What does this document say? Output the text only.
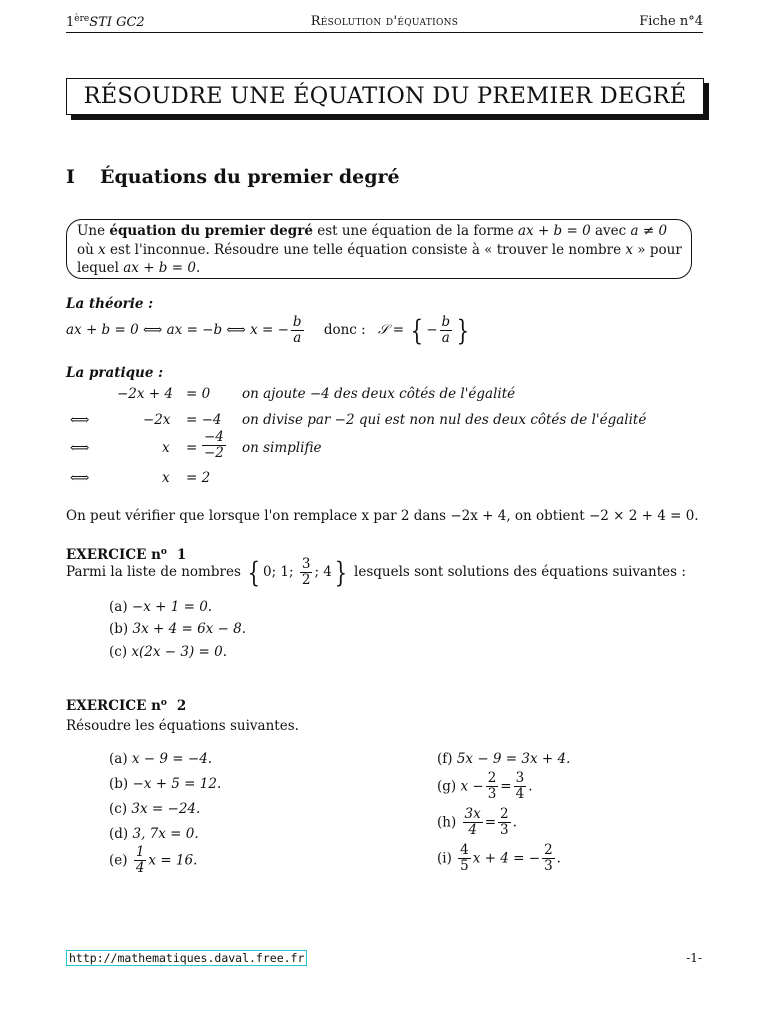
1èreSTI GC2	Résolution d'équations	Fiche n°4
RÉSOUDRE UNE ÉQUATION DU PREMIER DEGRÉ
I Équations du premier degré
Une équation du premier degré est une équation de la forme ax + b = 0 avec a ≠ 0 où x est l'inconnue. Résoudre une telle équation consiste à « trouver le nombre x » pour lequel ax + b = 0.
La théorie :
ax + b = 0 ⟺ ax = −b ⟺ x = − $\frac{b}{a}$ donc : 𝒮 = { − $\frac{b}{a}$ }
La pratique :
−2x + 4 = 0 on ajoute −4 des deux côtés de l'égalité
⟺	−2x = −4 on divise par −2 qui est non nul des deux côtés de l'égalité
⟺	$x = \frac{-4}{-2}$ on simplifie
⟺	x = 2
On peut vérifier que lorsque l'on remplace x par 2 dans −2x + 4, on obtient −2 × 2 + 4 = 0.
EXERCICE $n^o$ 1
Parmi la liste de nombres { 0; 1; $\frac{3}{2}$ ; 4} lesquels sont solutions des équations suivantes :
(a) −x + 1 = 0.
(b) 3x + 4 = 6x − 8.
(c) x(2x − 3) = 0.
EXERCICE $n^o$ 2
Résoudre les équations suivantes.
(a) x − 9 = −4.
(b) −x + 5 = 12.
(c) 3x = −24.
(d) 3, 7x = 0.
$(e) \frac{1}{4}$ x = 16.
(f) 5x − 9 = 3x + 4.
(g) $x - \frac{2}{3} = \frac{3}{4}$ .
$(h) \frac{3x}{4} = \frac{2}{3}$ .
$(i) \frac{4}{5}$ x + 4 = − $\frac{2}{3}$ .
http://mathematiques.daval.free.fr	-1-
